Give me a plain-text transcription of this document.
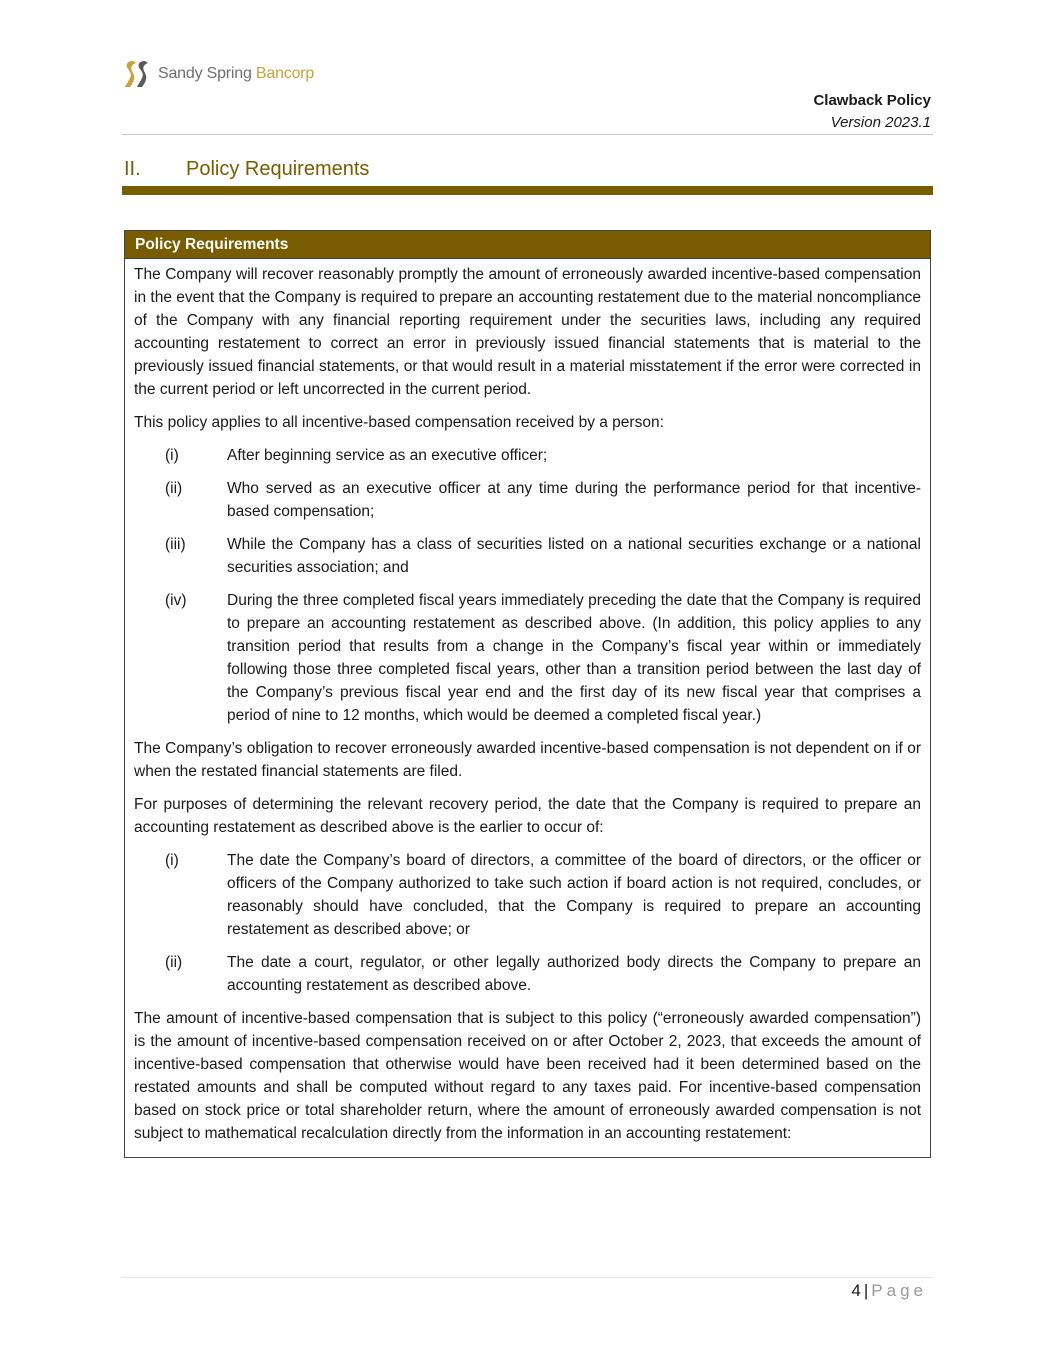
Sandy Spring Bancorp
Clawback Policy
Version 2023.1
II.	Policy Requirements
Policy Requirements

The Company will recover reasonably promptly the amount of erroneously awarded incentive-based compensation in the event that the Company is required to prepare an accounting restatement due to the material noncompliance of the Company with any financial reporting requirement under the securities laws, including any required accounting restatement to correct an error in previously issued financial statements that is material to the previously issued financial statements, or that would result in a material misstatement if the error were corrected in the current period or left uncorrected in the current period.

This policy applies to all incentive-based compensation received by a person:

(i)	After beginning service as an executive officer;
(ii)	Who served as an executive officer at any time during the performance period for that incentive-based compensation;
(iii)	While the Company has a class of securities listed on a national securities exchange or a national securities association; and
(iv)	During the three completed fiscal years immediately preceding the date that the Company is required to prepare an accounting restatement as described above. (In addition, this policy applies to any transition period that results from a change in the Company’s fiscal year within or immediately following those three completed fiscal years, other than a transition period between the last day of the Company’s previous fiscal year end and the first day of its new fiscal year that comprises a period of nine to 12 months, which would be deemed a completed fiscal year.)

The Company’s obligation to recover erroneously awarded incentive-based compensation is not dependent on if or when the restated financial statements are filed.

For purposes of determining the relevant recovery period, the date that the Company is required to prepare an accounting restatement as described above is the earlier to occur of:

(i)	The date the Company’s board of directors, a committee of the board of directors, or the officer or officers of the Company authorized to take such action if board action is not required, concludes, or reasonably should have concluded, that the Company is required to prepare an accounting restatement as described above; or
(ii)	The date a court, regulator, or other legally authorized body directs the Company to prepare an accounting restatement as described above.

The amount of incentive-based compensation that is subject to this policy (“erroneously awarded compensation”) is the amount of incentive-based compensation received on or after October 2, 2023, that exceeds the amount of incentive-based compensation that otherwise would have been received had it been determined based on the restated amounts and shall be computed without regard to any taxes paid. For incentive-based compensation based on stock price or total shareholder return, where the amount of erroneously awarded compensation is not subject to mathematical recalculation directly from the information in an accounting restatement:

4 | Page
